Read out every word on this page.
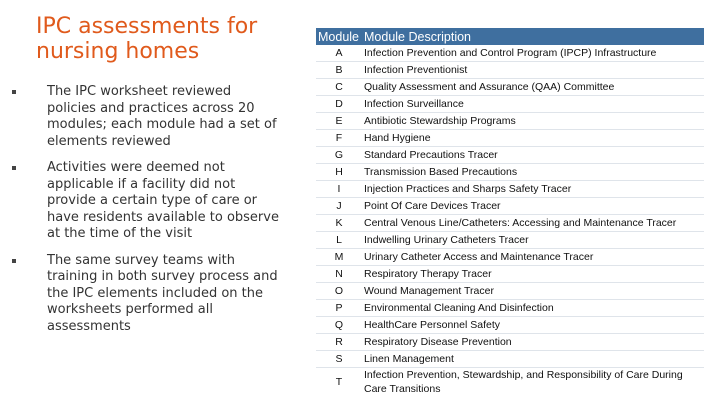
IPC assessments for nursing homes
The IPC worksheet reviewed policies and practices across 20 modules; each module had a set of elements reviewed
Activities were deemed not applicable if a facility did not provide a certain type of care or have residents available to observe at the time of the visit
The same survey teams with training in both survey process and the IPC elements included on the worksheets performed all assessments
Module	Module Description
A	Infection Prevention and Control Program (IPCP) Infrastructure
B	Infection Preventionist
C	Quality Assessment and Assurance (QAA) Committee
D	Infection Surveillance
E	Antibiotic Stewardship Programs
F	Hand Hygiene
G	Standard Precautions Tracer
H	Transmission Based Precautions
I	Injection Practices and Sharps Safety Tracer
J	Point Of Care Devices Tracer
K	Central Venous Line/Catheters: Accessing and Maintenance Tracer
L	Indwelling Urinary Catheters Tracer
M	Urinary Catheter Access and Maintenance Tracer
N	Respiratory Therapy Tracer
O	Wound Management Tracer
P	Environmental Cleaning And Disinfection
Q	HealthCare Personnel Safety
R	Respiratory Disease Prevention
S	Linen Management
T	Infection Prevention, Stewardship, and Responsibility of Care During Care Transitions
